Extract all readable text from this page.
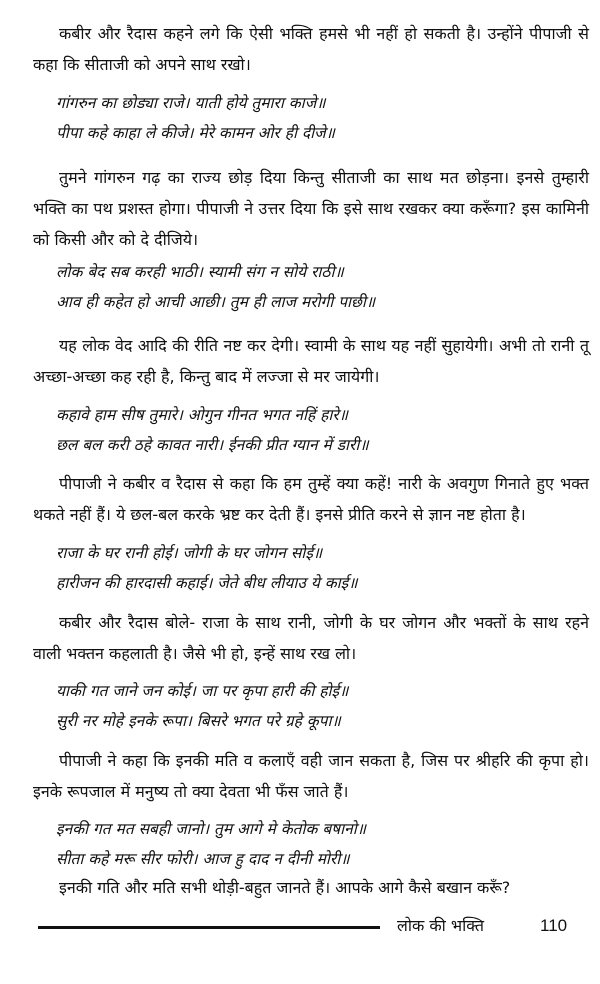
कबीर और रैदास कहने लगे कि ऐसी भक्ति हमसे भी नहीं हो सकती है। उन्होंने पीपाजी से कहा कि सीताजी को अपने साथ रखो।

गांगरुन का छोड्या राजे। याती होये तुमारा काजे॥
पीपा कहे काहा ले कीजे। मेरे कामन ओर ही दीजे॥

तुमने गांगरुन गढ़ का राज्य छोड़ दिया किन्तु सीताजी का साथ मत छोड़ना। इनसे तुम्हारी भक्ति का पथ प्रशस्त होगा। पीपाजी ने उत्तर दिया कि इसे साथ रखकर क्या करूँगा? इस कामिनी को किसी और को दे दीजिये।

लोक बेद सब करही भाठी। स्यामी संग न सोये राठी॥
आव ही कहेत हो आची आछी। तुम ही लाज मरोगी पाछी॥

यह लोक वेद आदि की रीति नष्ट कर देगी। स्वामी के साथ यह नहीं सुहायेगी। अभी तो रानी तू अच्छा-अच्छा कह रही है, किन्तु बाद में लज्जा से मर जायेगी।

कहावे हाम सीष तुमारे। ओगुन गीनत भगत नहिं हारे॥
छल बल करी ठहे कावत नारी। ईनकी प्रीत ग्यान में डारी॥

पीपाजी ने कबीर व रैदास से कहा कि हम तुम्हें क्या कहें! नारी के अवगुण गिनाते हुए भक्त थकते नहीं हैं। ये छल-बल करके भ्रष्ट कर देती हैं। इनसे प्रीति करने से ज्ञान नष्ट होता है।

राजा के घर रानी होई। जोगी के घर जोगन सोई॥
हारीजन की हारदासी कहाई। जेते बीध लीयाउ ये काई॥

कबीर और रैदास बोले- राजा के साथ रानी, जोगी के घर जोगन और भक्तों के साथ रहने वाली भक्तन कहलाती है। जैसे भी हो, इन्हें साथ रख लो।

याकी गत जाने जन कोई। जा पर कृपा हारी की होई॥
सुरी नर मोहे इनके रूपा। बिसरे भगत परे ग्रहे कूपा॥

पीपाजी ने कहा कि इनकी मति व कलाएँ वही जान सकता है, जिस पर श्रीहरि की कृपा हो। इनके रूपजाल में मनुष्य तो क्या देवता भी फँस जाते हैं।

इनकी गत मत सबही जानो। तुम आगे मे केतोक बषानो॥
सीता कहे मरू सीर फोरी। आज हु दाद न दीनी मोरी॥

इनकी गति और मति सभी थोड़ी-बहुत जानते हैं। आपके आगे कैसे बखान करूँ?

लोक की भक्ति	110
